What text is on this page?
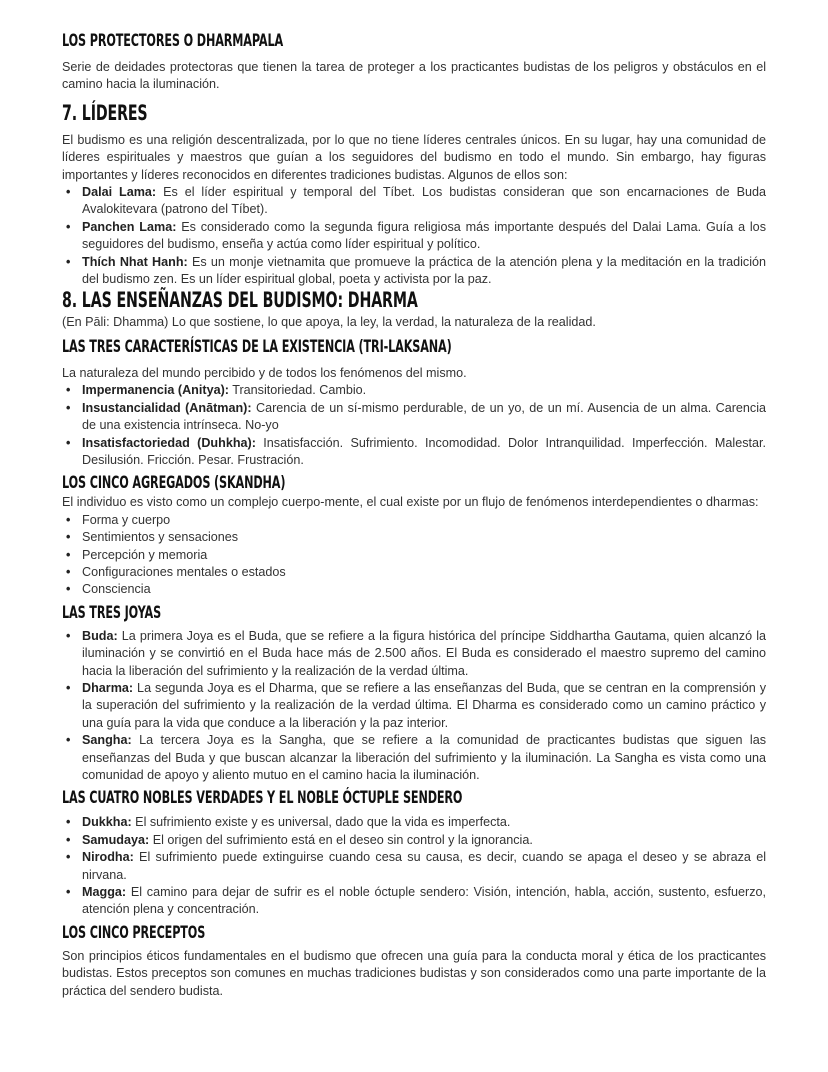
LOS PROTECTORES O DHARMAPALA

Serie de deidades protectoras que tienen la tarea de proteger a los practicantes budistas de los peligros y obstáculos en el camino hacia la iluminación.

7. LÍDERES

El budismo es una religión descentralizada, por lo que no tiene líderes centrales únicos. En su lugar, hay una comunidad de líderes espirituales y maestros que guían a los seguidores del budismo en todo el mundo. Sin embargo, hay figuras importantes y líderes reconocidos en diferentes tradiciones budistas. Algunos de ellos son:

• Dalai Lama: Es el líder espiritual y temporal del Tíbet. Los budistas consideran que son encarnaciones de Buda Avalokitevara (patrono del Tíbet).
• Panchen Lama: Es considerado como la segunda figura religiosa más importante después del Dalai Lama. Guía a los seguidores del budismo, enseña y actúa como líder espiritual y político.
• Thích Nhat Hanh: Es un monje vietnamita que promueve la práctica de la atención plena y la meditación en la tradición del budismo zen. Es un líder espiritual global, poeta y activista por la paz.
8. LAS ENSEÑANZAS DEL BUDISMO: DHARMA

(En Pāli: Dhamma) Lo que sostiene, lo que apoya, la ley, la verdad, la naturaleza de la realidad.

LAS TRES CARACTERÍSTICAS DE LA EXISTENCIA (TRI-LAKSANA)

La naturaleza del mundo percibido y de todos los fenómenos del mismo.

• Impermanencia (Anitya): Transitoriedad. Cambio.
• Insustancialidad (Anātman): Carencia de un sí-mismo perdurable, de un yo, de un mí. Ausencia de un alma. Carencia de una existencia intrínseca. No-yo
• Insatisfactoriedad (Duhkha): Insatisfacción. Sufrimiento. Incomodidad. Dolor Intranquilidad. Imperfección. Malestar. Desilusión. Fricción. Pesar. Frustración.
LOS CINCO AGREGADOS (SKANDHA)

El individuo es visto como un complejo cuerpo-mente, el cual existe por un flujo de fenómenos interdependientes o dharmas:

• Forma y cuerpo
• Sentimientos y sensaciones
• Percepción y memoria
• Configuraciones mentales o estados
• Consciencia
LAS TRES JOYAS
• Buda: La primera Joya es el Buda, que se refiere a la figura histórica del príncipe Siddhartha Gautama, quien alcanzó la iluminación y se convirtió en el Buda hace más de 2.500 años. El Buda es considerado el maestro supremo del camino hacia la liberación del sufrimiento y la realización de la verdad última.
• Dharma: La segunda Joya es el Dharma, que se refiere a las enseñanzas del Buda, que se centran en la comprensión y la superación del sufrimiento y la realización de la verdad última. El Dharma es considerado como un camino práctico y una guía para la vida que conduce a la liberación y la paz interior.
• Sangha: La tercera Joya es la Sangha, que se refiere a la comunidad de practicantes budistas que siguen las enseñanzas del Buda y que buscan alcanzar la liberación del sufrimiento y la iluminación. La Sangha es vista como una comunidad de apoyo y aliento mutuo en el camino hacia la iluminación.
LAS CUATRO NOBLES VERDADES Y EL NOBLE ÓCTUPLE SENDERO
• Dukkha: El sufrimiento existe y es universal, dado que la vida es imperfecta.
• Samudaya: El origen del sufrimiento está en el deseo sin control y la ignorancia.
• Nirodha: El sufrimiento puede extinguirse cuando cesa su causa, es decir, cuando se apaga el deseo y se abraza el nirvana.
• Magga: El camino para dejar de sufrir es el noble óctuple sendero: Visión, intención, habla, acción, sustento, esfuerzo, atención plena y concentración.
LOS CINCO PRECEPTOS

Son principios éticos fundamentales en el budismo que ofrecen una guía para la conducta moral y ética de los practicantes budistas. Estos preceptos son comunes en muchas tradiciones budistas y son considerados como una parte importante de la práctica del sendero budista.
